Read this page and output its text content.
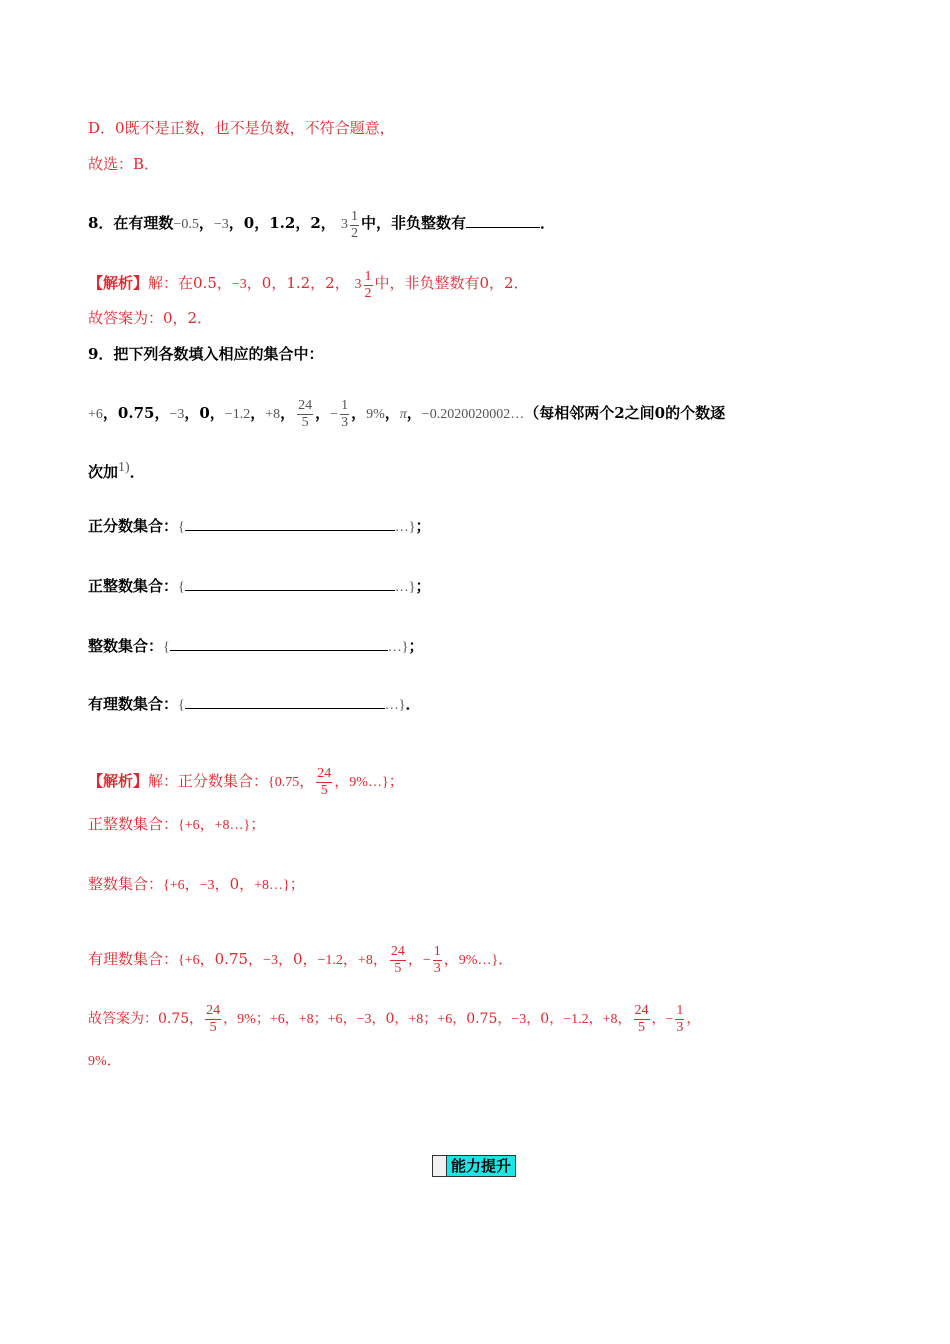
D．0既不是正数，也不是负数，不符合题意，
故选：B．
8．在有理数−0.5，−3，0，1.2，2， $3 \frac{1}{2}$ 中，非负整数有	．
【解析】解：在0.5，−3，0，1.2，2， $3 \frac{1}{2}$ 中，非负整数有0，2．
故答案为：0，2．
9．把下列各数填入相应的集合中：
+6，0.75，−3，0，−1.2，+8， $\frac{24}{5}$ ，− $\frac{1}{3}$ ，9%，π，−0.2020020002…（每相邻两个2之间0的个数逐
次加$^{1)}$．
正分数集合：{	…}；
正整数集合：{	…}；
整数集合：{	…}；
有理数集合：{	…}．
【解析】解：正分数集合：{0.75， $\frac{24}{5}$ ，9%…}；
正整数集合：{+6，+8…}；
整数集合：{+6，−3，0，+8…}；
有理数集合：{+6，0.75，−3，0，−1.2，+8， $\frac{24}{5}$ ，− $\frac{1}{3}$ ，9%…}．
故答案为：0.75， $\frac{24}{5}$ ，9%；+6，+8；+6，−3，0，+8；+6，0.75，−3，0，−1.2，+8， $\frac{24}{5}$ ，− $\frac{1}{3}$ ，
9%．
能力提升
